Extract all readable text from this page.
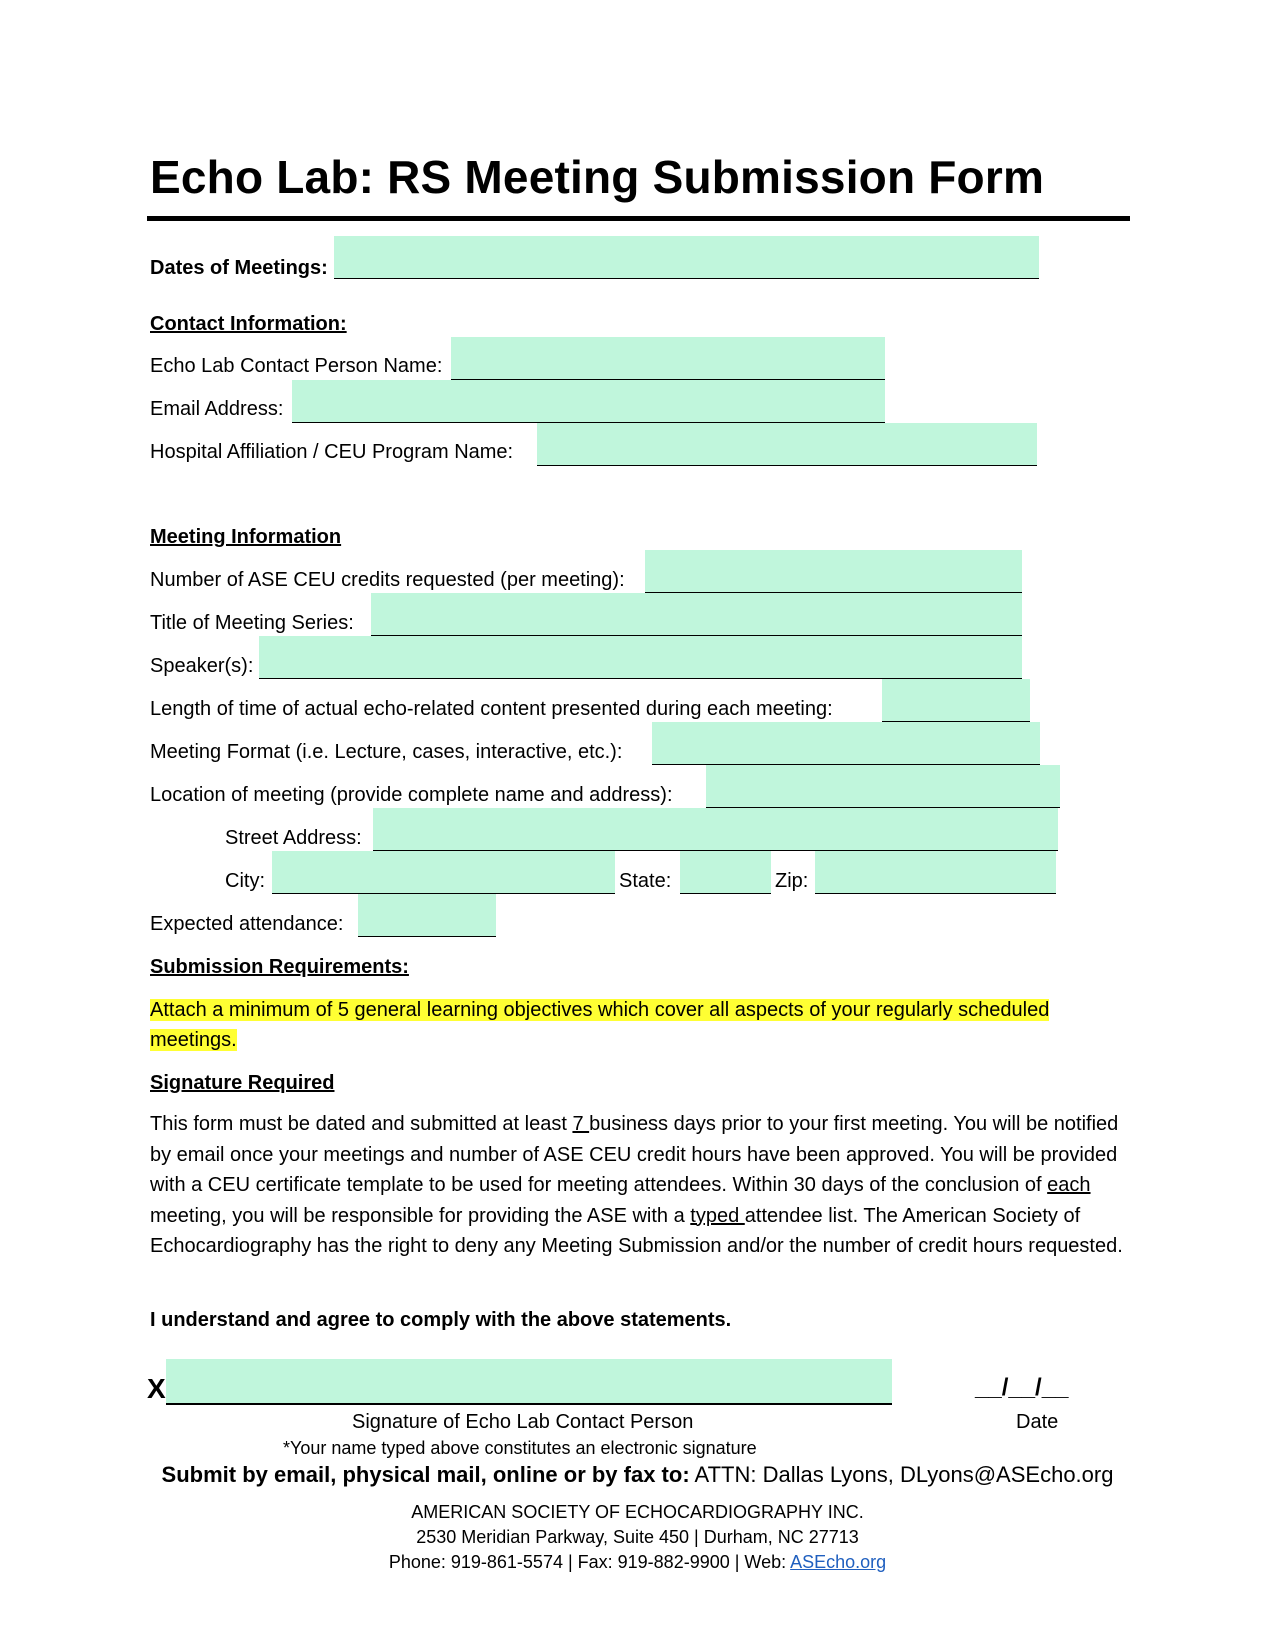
Echo Lab: RS Meeting Submission Form
Dates of Meetings:
Contact Information:
Echo Lab Contact Person Name:
Email Address:
Hospital Affiliation / CEU Program Name:
Meeting Information
Number of ASE CEU credits requested (per meeting):
Title of Meeting Series:
Speaker(s):
Length of time of actual echo-related content presented during each meeting:
Meeting Format (i.e. Lecture, cases, interactive, etc.):
Location of meeting (provide complete name and address):
Street Address:
City:	State:	Zip:
Expected attendance:
Submission Requirements:
Attach a minimum of 5 general learning objectives which cover all aspects of your regularly scheduled
meetings.
Signature Required
This form must be dated and submitted at least 7 business days prior to your first meeting. You will be notified by email once your meetings and number of ASE CEU credit hours have been approved. You will be provided with a CEU certificate template to be used for meeting attendees. Within 30 days of the conclusion of each meeting, you will be responsible for providing the ASE with a typed attendee list. The American Society of Echocardiography has the right to deny any Meeting Submission and/or the number of credit hours requested.
I understand and agree to comply with the above statements.
X	__/__/__
Signature of Echo Lab Contact Person	Date
*Your name typed above constitutes an electronic signature
Submit by email, physical mail, online or by fax to: ATTN: Dallas Lyons, DLyons@ASEcho.org
AMERICAN SOCIETY OF ECHOCARDIOGRAPHY INC.
2530 Meridian Parkway, Suite 450 | Durham, NC 27713
Phone: 919-861-5574 | Fax: 919-882-9900 | Web: ASEcho.org
